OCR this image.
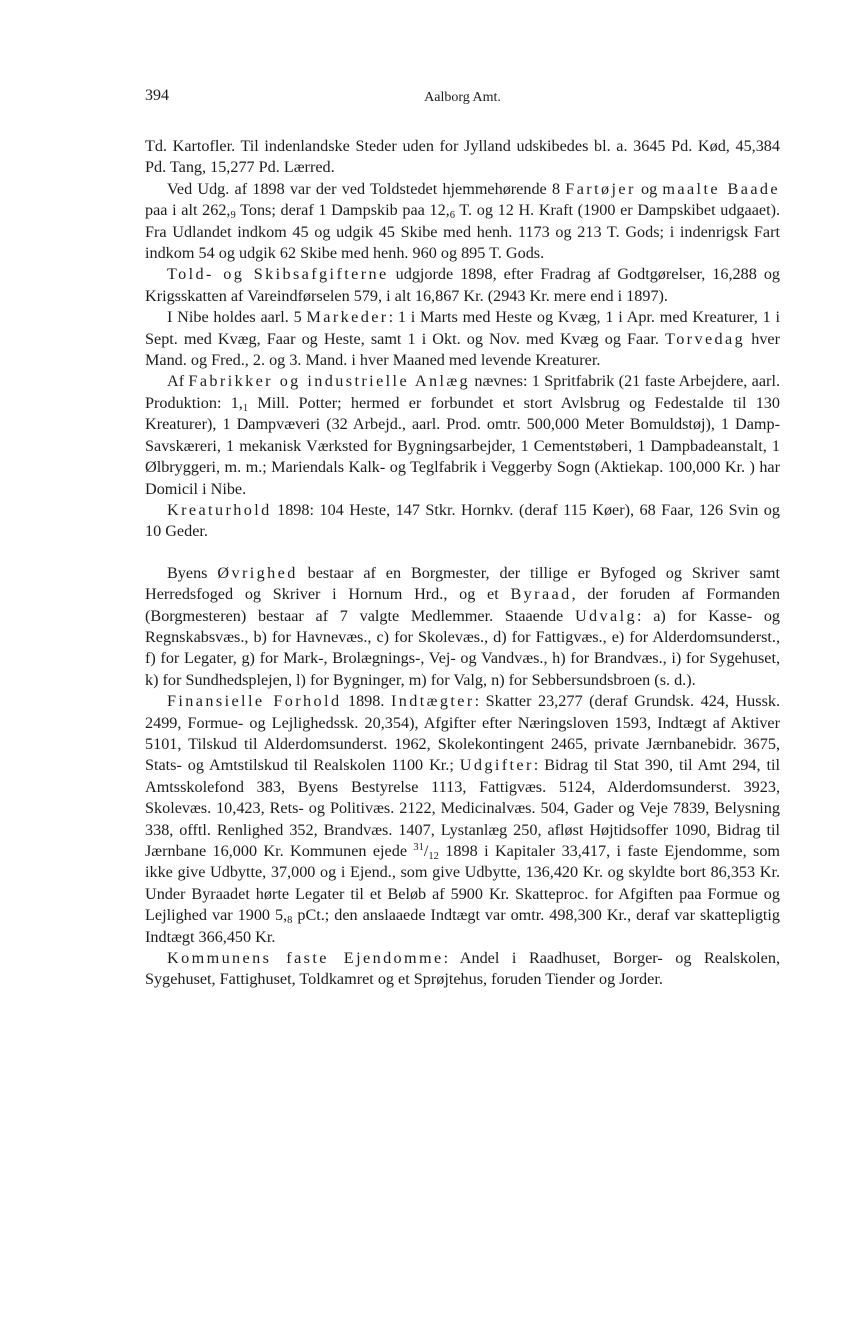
394	Aalborg Amt.

Td. Kartofler. Til indenlandske Steder uden for Jylland udskibedes bl. a. 3645 Pd. Kød, 45,384 Pd. Tang, 15,277 Pd. Lærred.

Ved Udg. af 1898 var der ved Toldstedet hjemmehørende 8 Fartøjer og maalte Baade paa i alt $262,_9$ Tons; deraf 1 Dampskib paa $12,_6$ T. og 12 H. Kraft (1900 er Dampskibet udgaaet). Fra Udlandet indkom 45 og udgik 45 Skibe med henh. 1173 og 213 T. Gods; i indenrigsk Fart indkom 54 og udgik 62 Skibe med henh. 960 og 895 T. Gods.

Told- og Skibsafgifterne udgjorde 1898, efter Fradrag af Godtgørelser, 16,288 og Krigsskatten af Vareindførselen 579, i alt 16,867 Kr. (2943 Kr. mere end i 1897).

I Nibe holdes aarl. 5 Markeder: 1 i Marts med Heste og Kvæg, 1 i Apr. med Kreaturer, 1 i Sept. med Kvæg, Faar og Heste, samt 1 i Okt. og Nov. med Kvæg og Faar. Torvedag hver Mand. og Fred., 2. og 3. Mand. i hver Maaned med levende Kreaturer.

Af Fabrikker og industrielle Anlæg nævnes: 1 Spritfabrik (21 faste Arbejdere, aarl. Produktion: $1,_1$ Mill. Potter; hermed er forbundet et stort Avlsbrug og Fedestalde til 130 Kreaturer), 1 Dampvæveri (32 Arbejd., aarl. Prod. omtr. 500,000 Meter Bomuldstøj), 1 Damp-Savskæreri, 1 mekanisk Værksted for Bygningsarbejder, 1 Cementstøberi, 1 Dampbadeanstalt, 1 Ølbryggeri, m. m.; Mariendals Kalk- og Teglfabrik i Veggerby Sogn (Aktiekap. 100,000 Kr. ) har Domicil i Nibe.

Kreaturhold 1898: 104 Heste, 147 Stkr. Hornkv. (deraf 115 Køer), 68 Faar, 126 Svin og 10 Geder.

Byens Øvrighed bestaar af en Borgmester, der tillige er Byfoged og Skriver samt Herredsfoged og Skriver i Hornum Hrd., og et Byraad, der foruden af Formanden (Borgmesteren) bestaar af 7 valgte Medlemmer. Staaende Udvalg: a) for Kasse- og Regnskabsvæs., b) for Havnevæs., c) for Skolevæs., d) for Fattigvæs., e) for Alderdomsunderst., f) for Legater, g) for Mark-, Brolægnings-, Vej- og Vandvæs., h) for Brandvæs., i) for Sygehuset, k) for Sundhedsplejen, l) for Bygninger, m) for Valg, n) for Sebbersundsbroen (s. d.).

Finansielle Forhold 1898. Indtægter: Skatter 23,277 (deraf Grundsk. 424, Hussk. 2499, Formue- og Lejlighedssk. 20,354), Afgifter efter Næringsloven 1593, Indtægt af Aktiver 5101, Tilskud til Alderdomsunderst. 1962, Skolekontingent 2465, private Jærnbanebidr. 3675, Stats- og Amtstilskud til Realskolen 1100 Kr.; Udgifter: Bidrag til Stat 390, til Amt 294, til Amtsskolefond 383, Byens Bestyrelse 1113, Fattigvæs. 5124, Alderdomsunderst. 3923, Skolevæs. 10,423, Rets- og Politivæs. 2122, Medicinalvæs. 504, Gader og Veje 7839, Belysning 338, offtl. Renlighed 352, Brandvæs. 1407, Lystanlæg 250, afløst Højtidsoffer 1090, Bidrag til Jærnbane 16,000 Kr. Kommunen ejede $^{31}/_{12}$ 1898 i Kapitaler 33,417, i faste Ejendomme, som ikke give Udbytte, 37,000 og i Ejend., som give Udbytte, 136,420 Kr. og skyldte bort 86,353 Kr. Under Byraadet hørte Legater til et Beløb af 5900 Kr. Skatteproc. for Afgiften paa Formue og Lejlighed var 1900 $5,_8$ pCt.; den anslaaede Indtægt var omtr. 498,300 Kr., deraf var skattepligtig Indtægt 366,450 Kr.

Kommunens faste Ejendomme: Andel i Raadhuset, Borger- og Realskolen, Sygehuset, Fattighuset, Toldkamret og et Sprøjtehus, foruden Tiender og Jorder.
